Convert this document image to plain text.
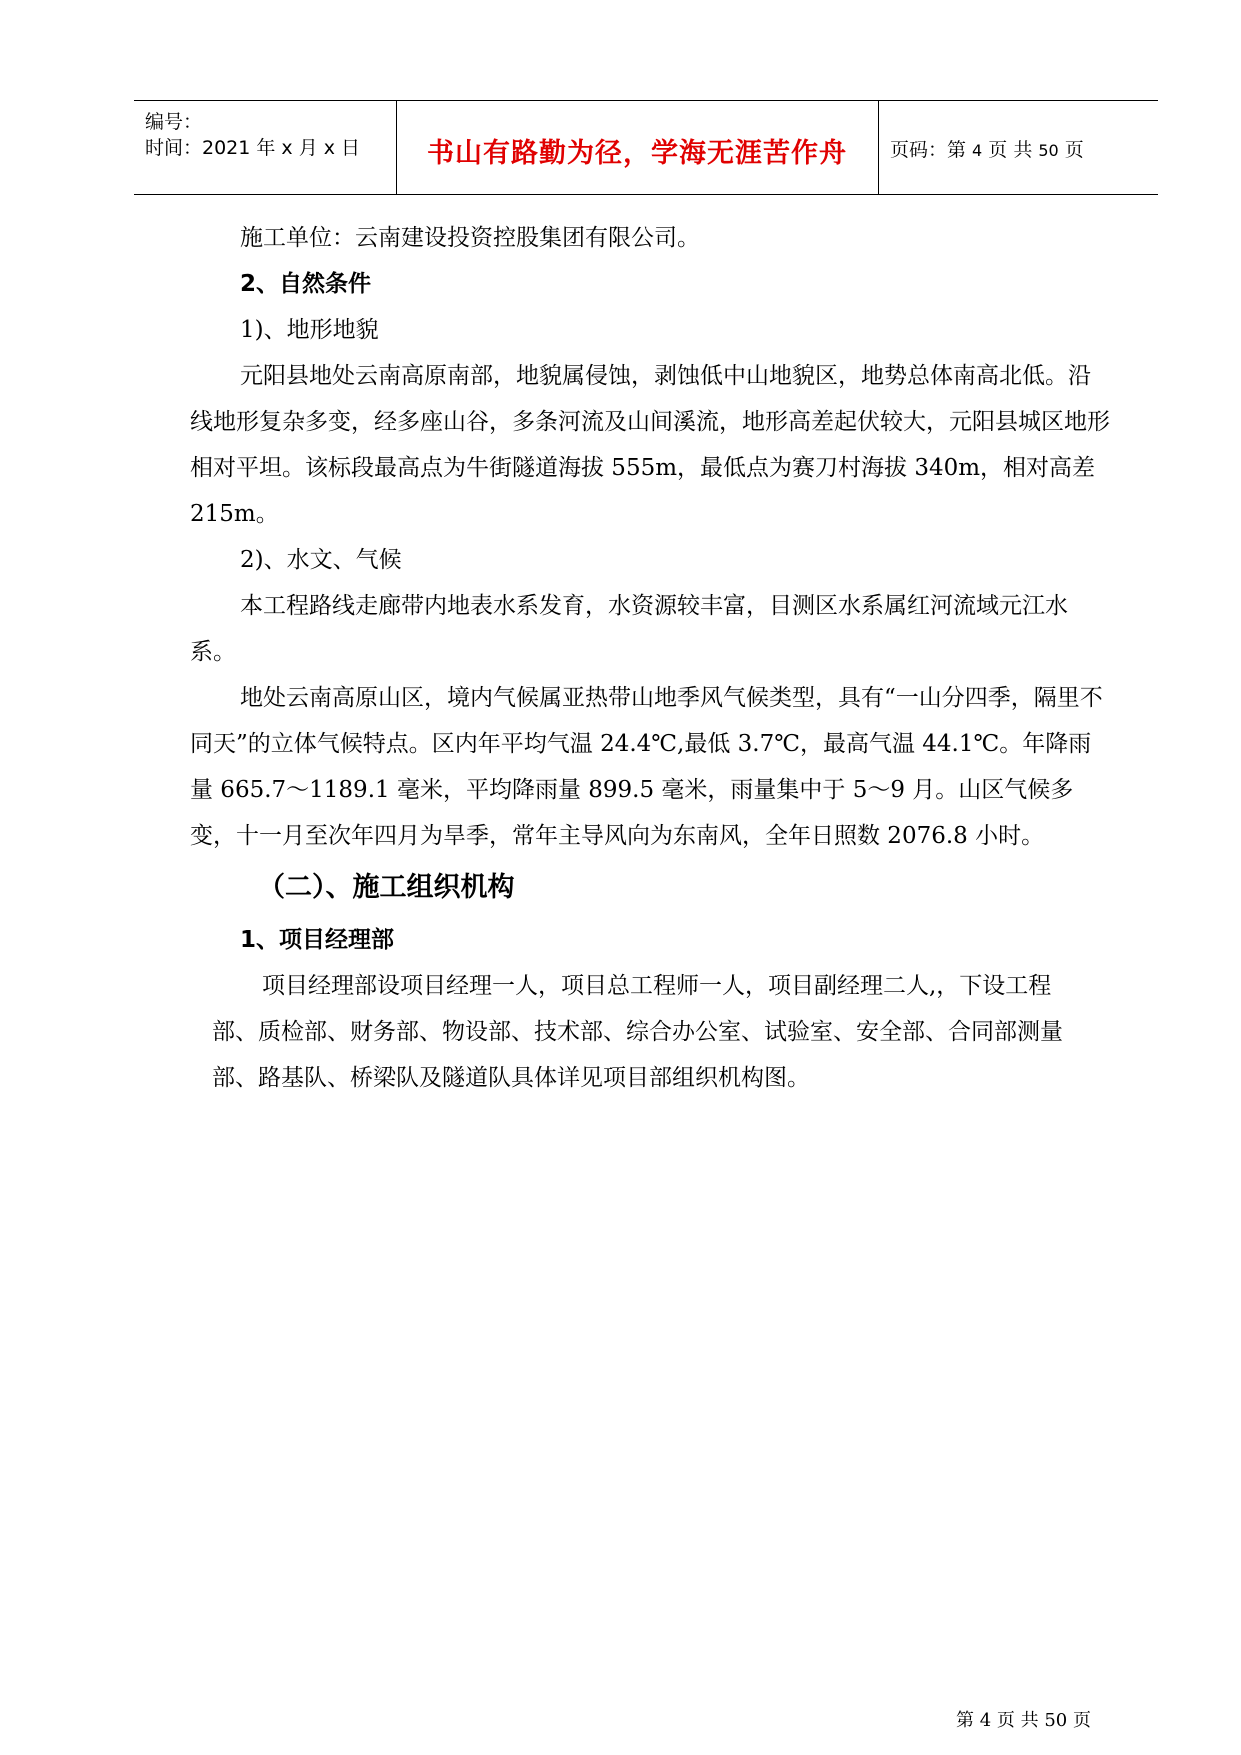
编号：
时间：2021 年 x 月 x 日	书山有路勤为径，学海无涯苦作舟	页码：第 4 页 共 50 页

施工单位：云南建设投资控股集团有限公司。

2、自然条件

1)、地形地貌

元阳县地处云南高原南部，地貌属侵蚀，剥蚀低中山地貌区，地势总体南高北低。沿线地形复杂多变，经多座山谷，多条河流及山间溪流，地形高差起伏较大，元阳县城区地形相对平坦。该标段最高点为牛街隧道海拔 555m，最低点为赛刀村海拔 340m，相对高差 215m。

2)、水文、气候

本工程路线走廊带内地表水系发育，水资源较丰富，目测区水系属红河流域元江水系。

地处云南高原山区，境内气候属亚热带山地季风气候类型，具有“一山分四季，隔里不同天”的立体气候特点。区内年平均气温 24.4℃,最低 3.7℃，最高气温 44.1℃。年降雨量 665.7～1189.1 毫米，平均降雨量 899.5 毫米，雨量集中于 5～9 月。山区气候多变，十一月至次年四月为旱季，常年主导风向为东南风，全年日照数 2076.8 小时。

（二）、施工组织机构

1、项目经理部

项目经理部设项目经理一人，项目总工程师一人，项目副经理二人,，下设工程部、质检部、财务部、物设部、技术部、综合办公室、试验室、安全部、合同部测量部、路基队、桥梁队及隧道队具体详见项目部组织机构图。

第 4 页 共 50 页
